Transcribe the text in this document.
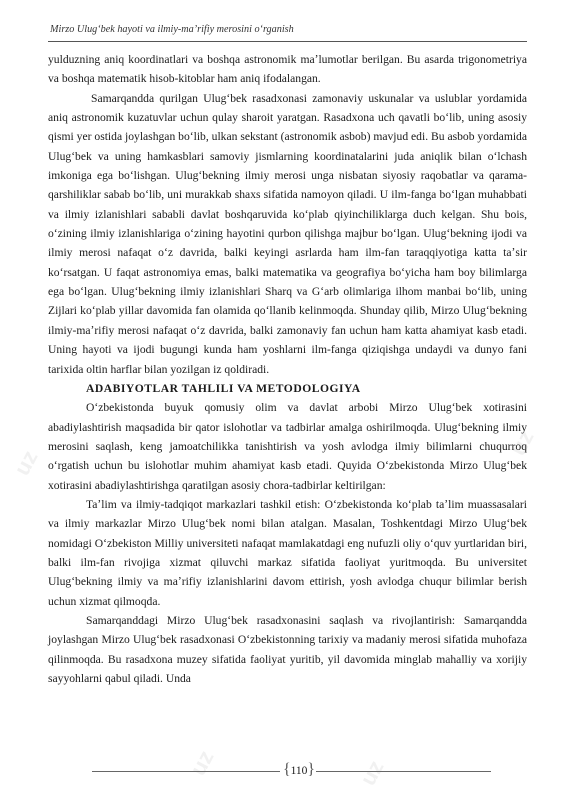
Mirzo Ulugʻbek hayoti va ilmiy-maʼrifiy merosini oʻrganish
uz
uz
uz
uz

yulduzning aniq koordinatlari va boshqa astronomik maʼlumotlar berilgan. Bu asarda trigonometriya va boshqa matematik hisob-kitoblar ham aniq ifodalangan.

Samarqandda qurilgan Ulugʻbek rasadxonasi zamonaviy uskunalar va uslublar yordamida aniq astronomik kuzatuvlar uchun qulay sharoit yaratgan. Rasadxona uch qavatli boʻlib, uning asosiy qismi yer ostida joylashgan boʻlib, ulkan sekstant (astronomik asbob) mavjud edi. Bu asbob yordamida Ulugʻbek va uning hamkasblari samoviy jismlarning koordinatalarini juda aniqlik bilan oʻlchash imkoniga ega boʻlishgan. Ulugʻbekning ilmiy merosi unga nisbatan siyosiy raqobatlar va qarama-qarshiliklar sabab boʻlib, uni murakkab shaxs sifatida namoyon qiladi. U ilm-fanga boʻlgan muhabbati va ilmiy izlanishlari sababli davlat boshqaruvida koʻplab qiyinchiliklarga duch kelgan. Shu bois, oʻzining ilmiy izlanishlariga oʻzining hayotini qurbon qilishga majbur boʻlgan. Ulugʻbekning ijodi va ilmiy merosi nafaqat oʻz davrida, balki keyingi asrlarda ham ilm-fan taraqqiyotiga katta taʼsir koʻrsatgan. U faqat astronomiya emas, balki matematika va geografiya boʻyicha ham boy bilimlarga ega boʻlgan. Ulugʻbekning ilmiy izlanishlari Sharq va Gʻarb olimlariga ilhom manbai boʻlib, uning Zijlari koʻplab yillar davomida fan olamida qoʻllanib kelinmoqda. Shunday qilib, Mirzo Ulugʻbekning ilmiy-maʼrifiy merosi nafaqat oʻz davrida, balki zamonaviy fan uchun ham katta ahamiyat kasb etadi. Uning hayoti va ijodi bugungi kunda ham yoshlarni ilm-fanga qiziqishga undaydi va dunyo fani tarixida oltin harflar bilan yozilgan iz qoldiradi.

ADABIYOTLAR TAHLILI VA METODOLOGIYA

Oʻzbekistonda buyuk qomusiy olim va davlat arbobi Mirzo Ulugʻbek xotirasini abadiylashtirish maqsadida bir qator islohotlar va tadbirlar amalga oshirilmoqda. Ulugʻbekning ilmiy merosini saqlash, keng jamoatchilikka tanishtirish va yosh avlodga ilmiy bilimlarni chuqurroq oʻrgatish uchun bu islohotlar muhim ahamiyat kasb etadi. Quyida Oʻzbekistonda Mirzo Ulugʻbek xotirasini abadiylashtirishga qaratilgan asosiy chora-tadbirlar keltirilgan:

Taʼlim va ilmiy-tadqiqot markazlari tashkil etish: Oʻzbekistonda koʻplab taʼlim muassasalari va ilmiy markazlar Mirzo Ulugʻbek nomi bilan atalgan. Masalan, Toshkentdagi Mirzo Ulugʻbek nomidagi Oʻzbekiston Milliy universiteti nafaqat mamlakatdagi eng nufuzli oliy oʻquv yurtlaridan biri, balki ilm-fan rivojiga xizmat qiluvchi markaz sifatida faoliyat yuritmoqda. Bu universitet Ulugʻbekning ilmiy va maʼrifiy izlanishlarini davom ettirish, yosh avlodga chuqur bilimlar berish uchun xizmat qilmoqda.

Samarqanddagi Mirzo Ulugʻbek rasadxonasini saqlash va rivojlantirish: Samarqandda joylashgan Mirzo Ulugʻbek rasadxonasi Oʻzbekistonning tarixiy va madaniy merosi sifatida muhofaza qilinmoqda. Bu rasadxona muzey sifatida faoliyat yuritib, yil davomida minglab mahalliy va xorijiy sayyohlarni qabul qiladi. Unda

{ 110 }
